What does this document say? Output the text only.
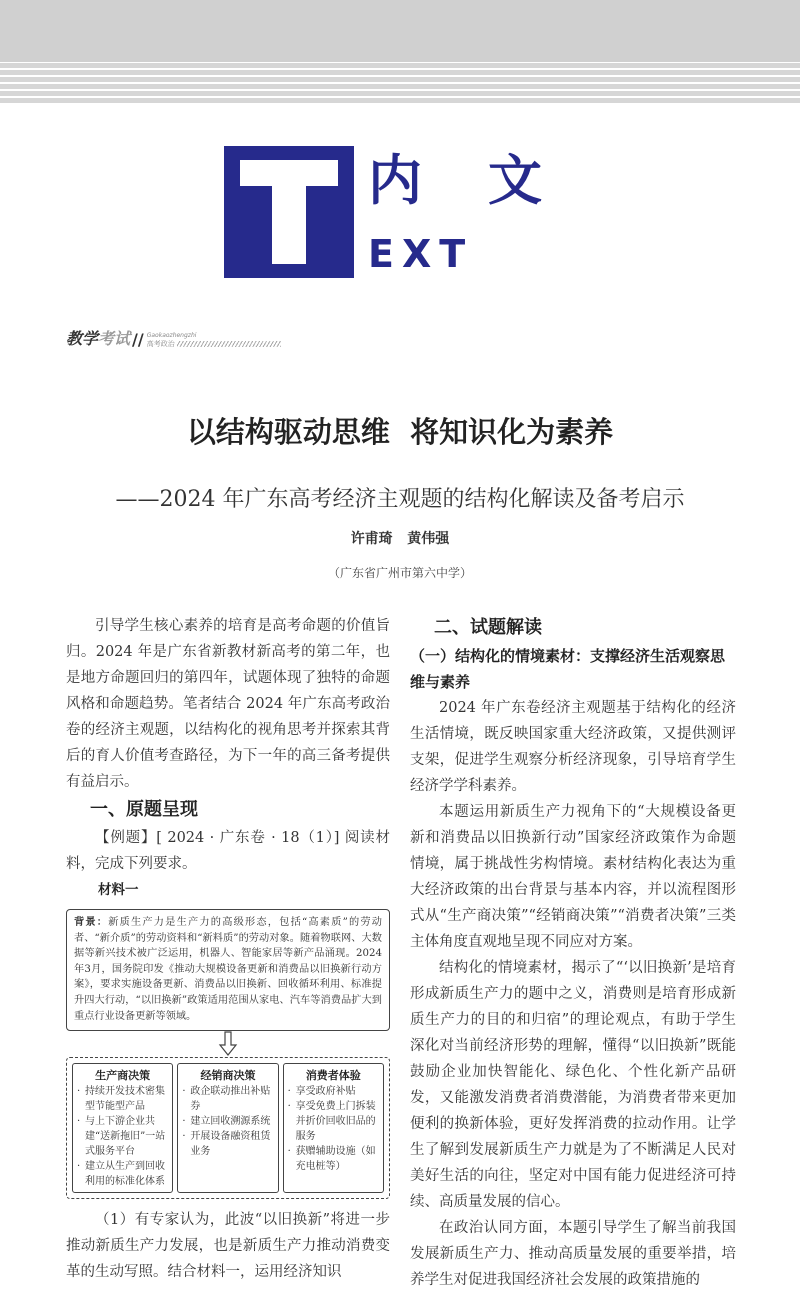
内文
EXT
教学考试 // Gaokaozhengzhi
高考政治
以结构驱动思维  将知识化为素养
——2024 年广东高考经济主观题的结构化解读及备考启示
许甫琦   黄伟强
（广东省广州市第六中学）

引导学生核心素养的培育是高考命题的价值旨归。2024 年是广东省新教材新高考的第二年，也是地方命题回归的第四年，试题体现了独特的命题风格和命题趋势。笔者结合 2024 年广东高考政治卷的经济主观题，以结构化的视角思考并探索其背后的育人价值考查路径，为下一年的高三备考提供有益启示。

一、原题呈现

【例题】[ 2024 · 广东卷 · 18（1）] 阅读材料，完成下列要求。

材料一
背景：新质生产力是生产力的高级形态，包括“高素质”的劳动者、“新介质”的劳动资料和“新料质”的劳动对象。随着物联网、大数据等新兴技术被广泛运用，机器人、智能家居等新产品涌现。2024年3月，国务院印发《推动大规模设备更新和消费品以旧换新行动方案》，要求实施设备更新、消费品以旧换新、回收循环利用、标准提升四大行动，“以旧换新”政策适用范围从家电、汽车等消费品扩大到重点行业设备更新等领域。
生产商决策
· 持续开发技术密集型节能型产品
· 与上下游企业共建“送新拖旧”一站式服务平台
· 建立从生产到回收利用的标准化体系
经销商决策
· 政企联动推出补贴券
· 建立回收溯源系统
· 开展设备融资租赁业务
消费者体验
· 享受政府补贴
· 享受免费上门拆装并折价回收旧品的服务
· 获赠辅助设施（如充电桩等）

（1）有专家认为，此波“以旧换新”将进一步推动新质生产力发展，也是新质生产力推动消费变革的生动写照。结合材料一，运用经济知识

二、试题解读
（一）结构化的情境素材：支撑经济生活观察思维与素养

2024 年广东卷经济主观题基于结构化的经济生活情境，既反映国家重大经济政策，又提供测评支架，促进学生观察分析经济现象，引导培育学生经济学学科素养。

本题运用新质生产力视角下的“大规模设备更新和消费品以旧换新行动”国家经济政策作为命题情境，属于挑战性劣构情境。素材结构化表达为重大经济政策的出台背景与基本内容，并以流程图形式从“生产商决策”“经销商决策”“消费者决策”三类主体角度直观地呈现不同应对方案。

结构化的情境素材，揭示了“‘以旧换新’是培育形成新质生产力的题中之义，消费则是培育形成新质生产力的目的和归宿”的理论观点，有助于学生深化对当前经济形势的理解，懂得“以旧换新”既能鼓励企业加快智能化、绿色化、个性化新产品研发，又能激发消费者消费潜能，为消费者带来更加便利的换新体验，更好发挥消费的拉动作用。让学生了解到发展新质生产力就是为了不断满足人民对美好生活的向往，坚定对中国有能力促进经济可持续、高质量发展的信心。

在政治认同方面，本题引导学生了解当前我国发展新质生产力、推动高质量发展的重要举措，培养学生对促进我国经济社会发展的政策措施的
